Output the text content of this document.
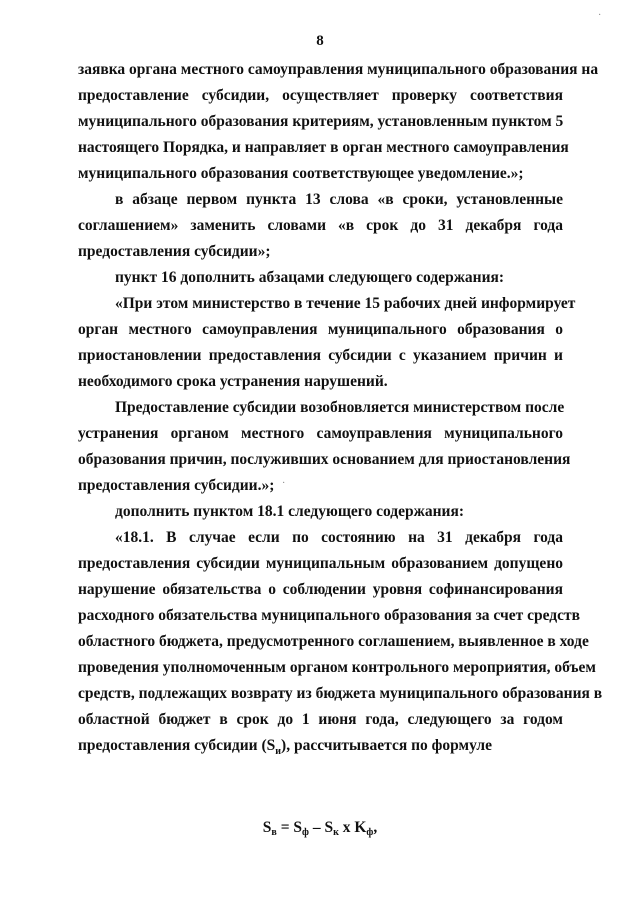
8
заявка органа местного самоуправления муниципального образования на
предоставление субсидии, осуществляет проверку соответствия
муниципального образования критериям, установленным пунктом 5
настоящего Порядка, и направляет в орган местного самоуправления
муниципального образования соответствующее уведомление.»;
в абзаце первом пункта 13 слова «в сроки, установленные
соглашением» заменить словами «в срок до 31 декабря года
предоставления субсидии»;
пункт 16 дополнить абзацами следующего содержания:
«При этом министерство в течение 15 рабочих дней информирует
орган местного самоуправления муниципального образования о
приостановлении предоставления субсидии с указанием причин и
необходимого срока устранения нарушений.
Предоставление субсидии возобновляется министерством после
устранения органом местного самоуправления муниципального
образования причин, послуживших основанием для приостановления
предоставления субсидии.»;
дополнить пунктом 18.1 следующего содержания:
«18.1. В случае если по состоянию на 31 декабря года
предоставления субсидии муниципальным образованием допущено
нарушение обязательства о соблюдении уровня софинансирования
расходного обязательства муниципального образования за счет средств
областного бюджета, предусмотренного соглашением, выявленное в ходе
проведения уполномоченным органом контрольного мероприятия, объем
средств, подлежащих возврату из бюджета муниципального образования в
областной бюджет в срок до 1 июня года, следующего за годом
предоставления субсидии $(S_и)$, рассчитывается по формуле
$S_в = S_ф - S_к$ х $K_ф$,
·
·
